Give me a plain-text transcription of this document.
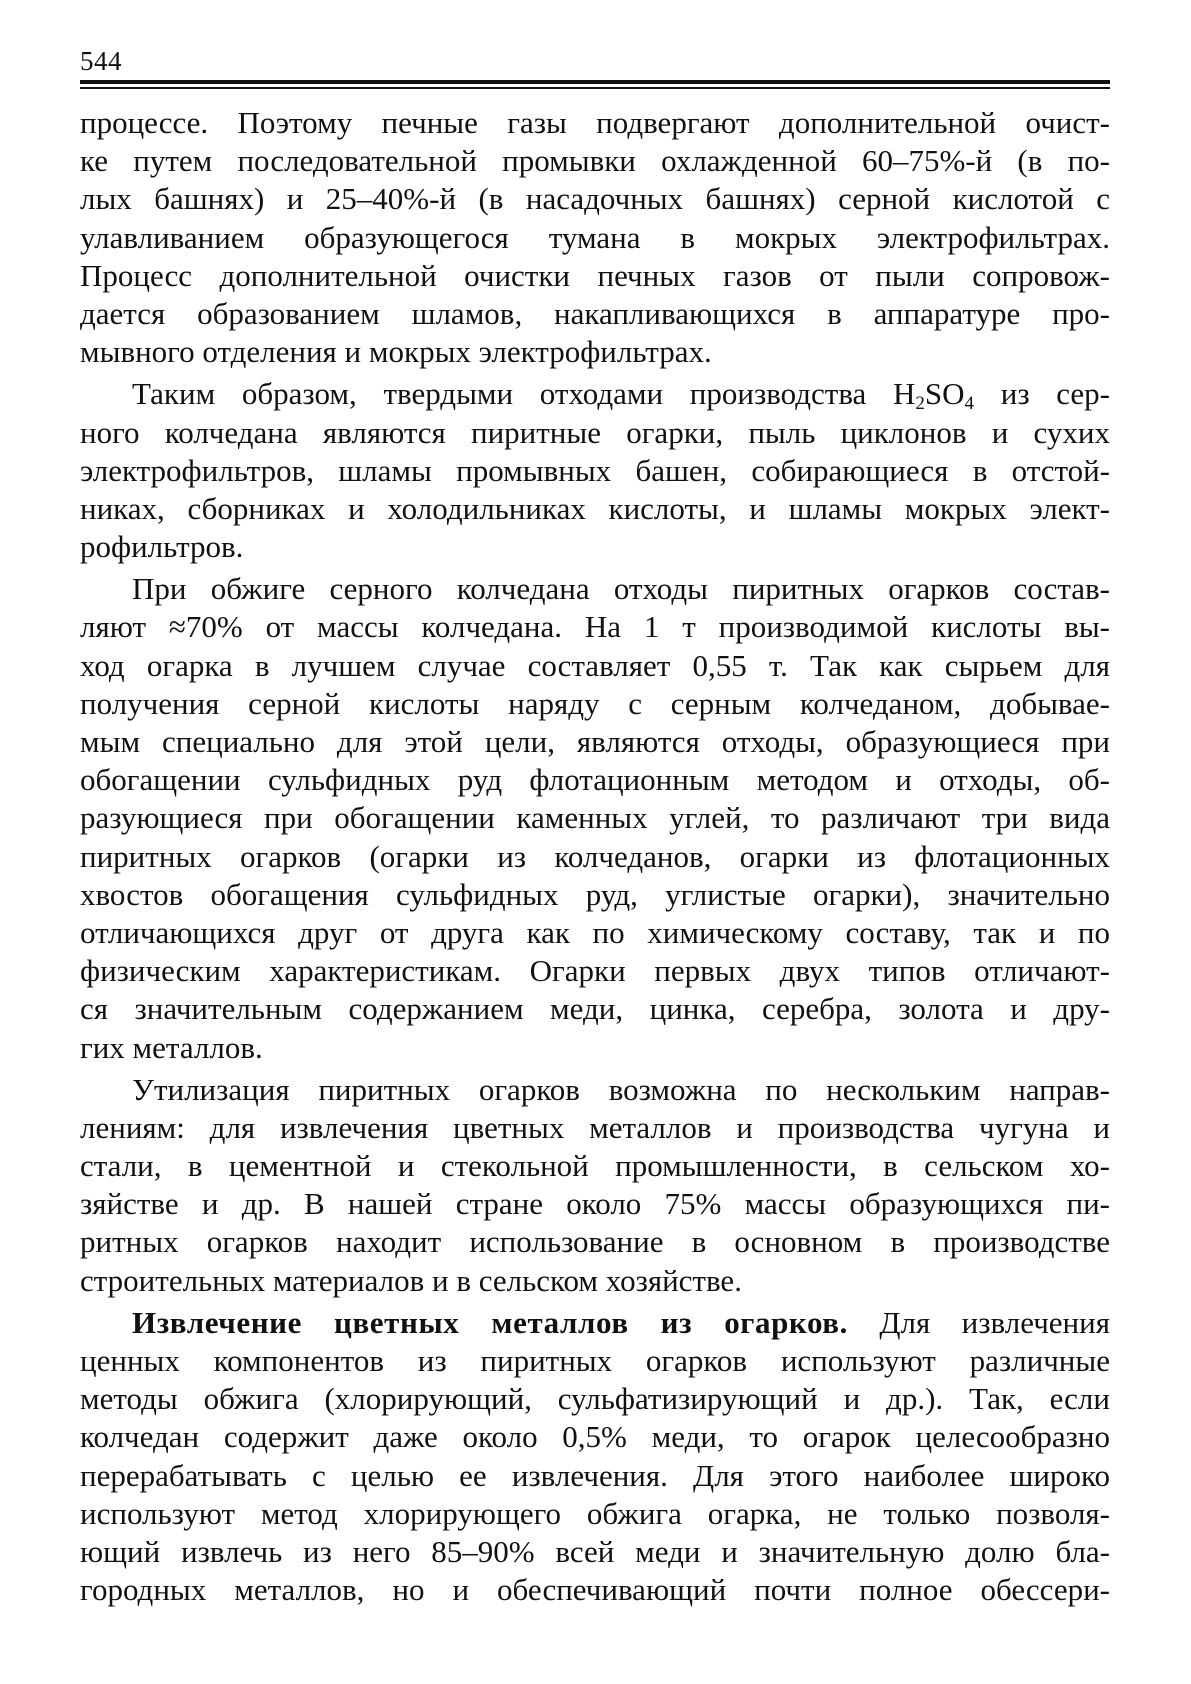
544
процессе. Поэтому печные газы подвергают дополнительной очист-
ке путем последовательной промывки охлажденной 60–75%-й (в по-
лых башнях) и 25–40%-й (в насадочных башнях) серной кислотой с
улавливанием образующегося тумана в мокрых электрофильтрах.
Процесс дополнительной очистки печных газов от пыли сопровож-
дается образованием шламов, накапливающихся в аппаратуре про-
мывного отделения и мокрых электрофильтрах.
Таким образом, твердыми отходами производства $H_2SO_4$ из сер-
ного колчедана являются пиритные огарки, пыль циклонов и сухих
электрофильтров, шламы промывных башен, собирающиеся в отстой-
никах, сборниках и холодильниках кислоты, и шламы мокрых элект-
рофильтров.
При обжиге серного колчедана отходы пиритных огарков состав-
ляют ≈70% от массы колчедана. На 1 т производимой кислоты вы-
ход огарка в лучшем случае составляет 0,55 т. Так как сырьем для
получения серной кислоты наряду с серным колчеданом, добывае-
мым специально для этой цели, являются отходы, образующиеся при
обогащении сульфидных руд флотационным методом и отходы, об-
разующиеся при обогащении каменных углей, то различают три вида
пиритных огарков (огарки из колчеданов, огарки из флотационных
хвостов обогащения сульфидных руд, углистые огарки), значительно
отличающихся друг от друга как по химическому составу, так и по
физическим характеристикам. Огарки первых двух типов отличают-
ся значительным содержанием меди, цинка, серебра, золота и дру-
гих металлов.
Утилизация пиритных огарков возможна по нескольким направ-
лениям: для извлечения цветных металлов и производства чугуна и
стали, в цементной и стекольной промышленности, в сельском хо-
зяйстве и др. В нашей стране около 75% массы образующихся пи-
ритных огарков находит использование в основном в производстве
строительных материалов и в сельском хозяйстве.
Извлечение цветных металлов из огарков. Для извлечения
ценных компонентов из пиритных огарков используют различные
методы обжига (хлорирующий, сульфатизирующий и др.). Так, если
колчедан содержит даже около 0,5% меди, то огарок целесообразно
перерабатывать с целью ее извлечения. Для этого наиболее широко
используют метод хлорирующего обжига огарка, не только позволя-
ющий извлечь из него 85–90% всей меди и значительную долю бла-
городных металлов, но и обеспечивающий почти полное обессери-
